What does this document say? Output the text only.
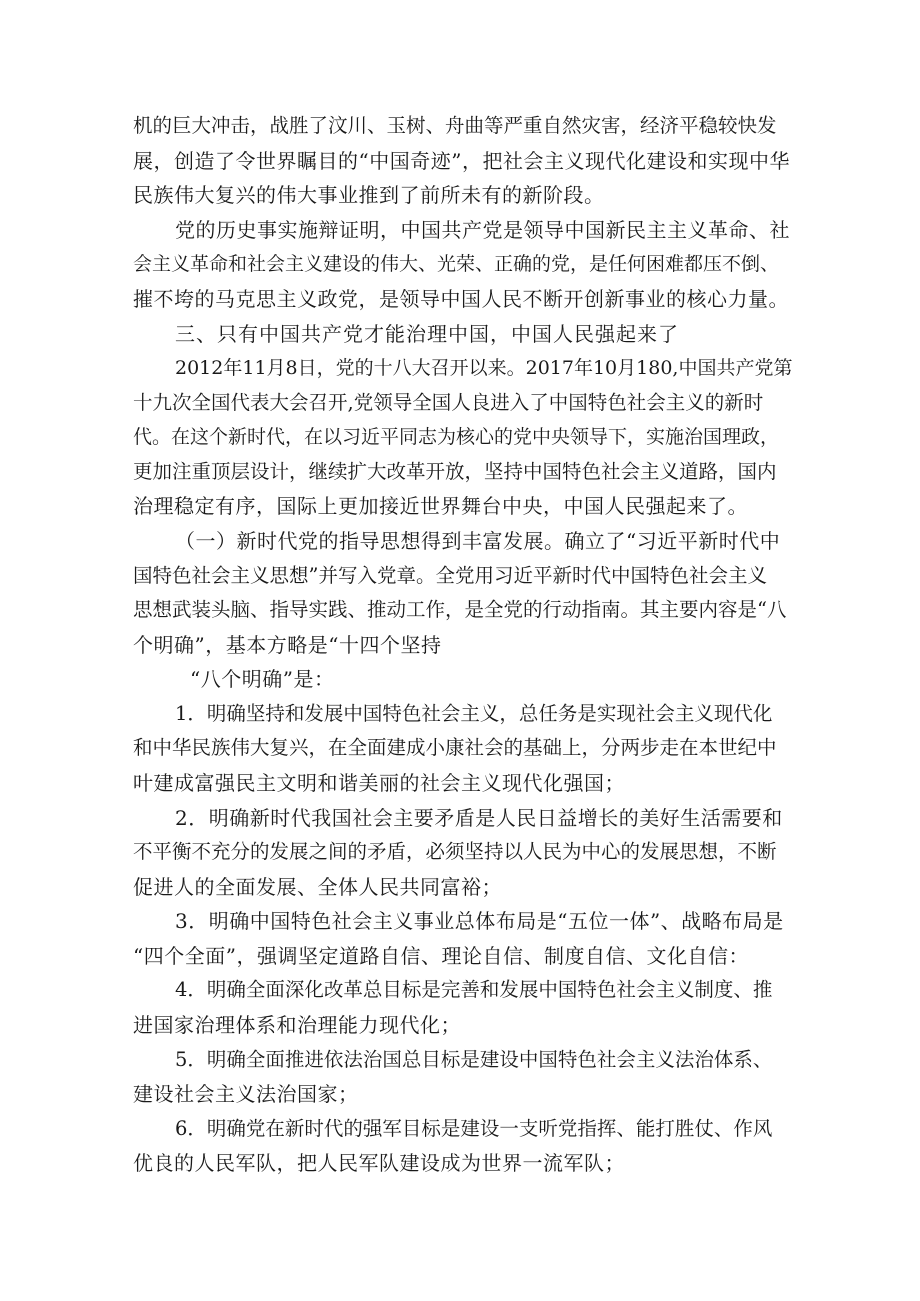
机的巨大冲击，战胜了汶川、玉树、舟曲等严重自然灾害，经济平稳较快发
展，创造了令世界瞩目的“中国奇迹”，把社会主义现代化建设和实现中华
民族伟大复兴的伟大事业推到了前所未有的新阶段。
党的历史事实施辩证明，中国共产党是领导中国新民主主义革命、社
会主义革命和社会主义建设的伟大、光荣、正确的党，是任何困难都压不倒、
摧不垮的马克思主义政党，是领导中国人民不断开创新事业的核心力量。
三、只有中国共产党才能治理中国，中国人民强起来了
2012年11月8日，党的十八大召开以来。2017年10月180,中国共产党第
十九次全国代表大会召开,党领导全国人良进入了中国特色社会主义的新时
代。在这个新时代，在以习近平同志为核心的党中央领导下，实施治国理政，
更加注重顶层设计，继续扩大改革开放，坚持中国特色社会主义道路，国内
治理稳定有序，国际上更加接近世界舞台中央，中国人民强起来了。
（一）新时代党的指导思想得到丰富发展。确立了“习近平新时代中
国特色社会主义思想”并写入党章。全党用习近平新时代中国特色社会主义
思想武装头脑、指导实践、推动工作，是全党的行动指南。其主要内容是“八
个明确”，基本方略是“十四个坚持
“八个明确”是：
1．明确坚持和发展中国特色社会主义，总任务是实现社会主义现代化
和中华民族伟大复兴，在全面建成小康社会的基础上，分两步走在本世纪中
叶建成富强民主文明和谐美丽的社会主义现代化强国；
2．明确新时代我国社会主要矛盾是人民日益增长的美好生活需要和
不平衡不充分的发展之间的矛盾，必须坚持以人民为中心的发展思想，不断
促进人的全面发展、全体人民共同富裕；
3．明确中国特色社会主义事业总体布局是“五位一体”、战略布局是
“四个全面”，强调坚定道路自信、理论自信、制度自信、文化自信：
4．明确全面深化改革总目标是完善和发展中国特色社会主义制度、推
进国家治理体系和治理能力现代化；
5．明确全面推进依法治国总目标是建设中国特色社会主义法治体系、
建设社会主义法治国家；
6．明确党在新时代的强军目标是建设一支听党指挥、能打胜仗、作风
优良的人民军队，把人民军队建设成为世界一流军队；
